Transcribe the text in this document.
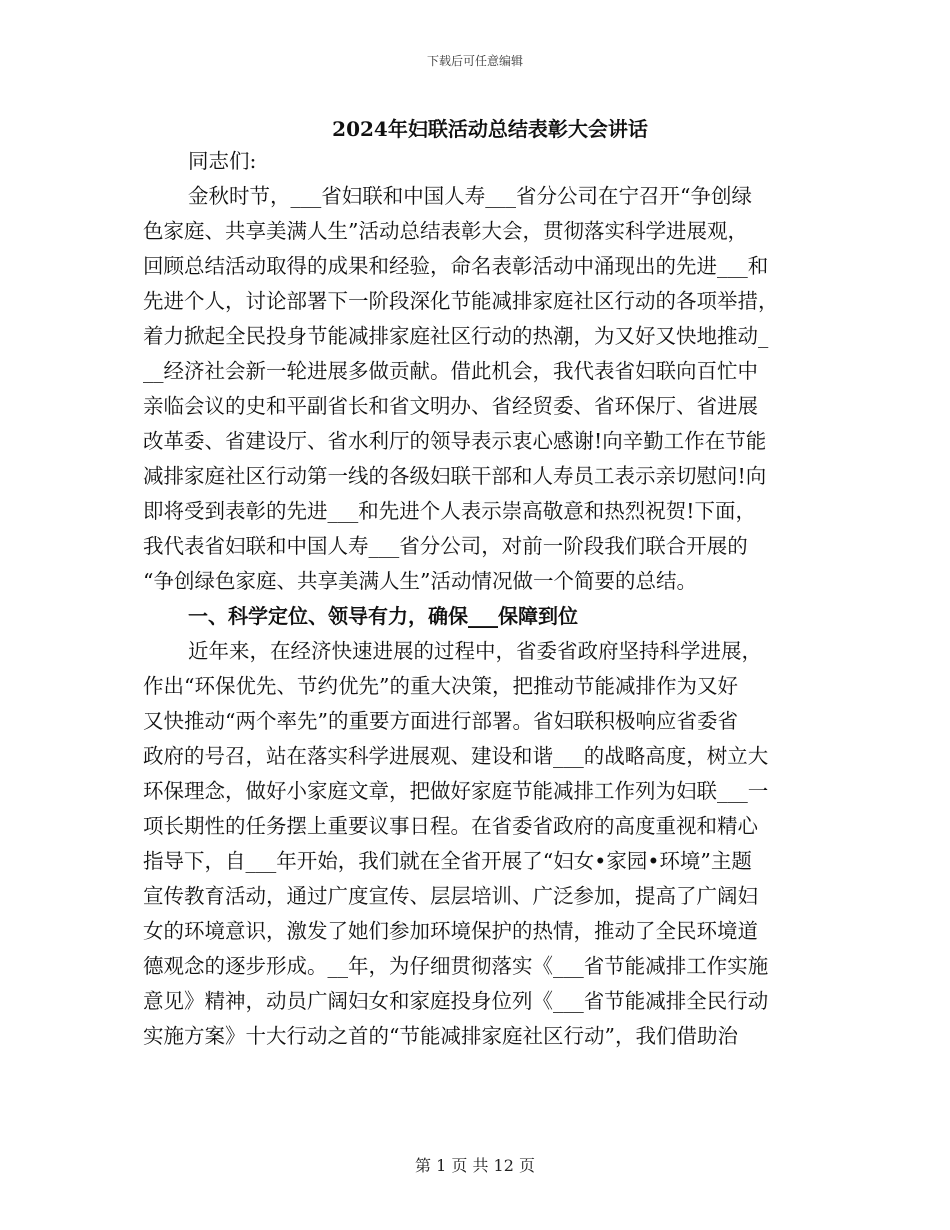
下载后可任意编辑
2024年妇联活动总结表彰大会讲话
同志们:
金秋时节，___省妇联和中国人寿___省分公司在宁召开“争创绿
色家庭、共享美满人生”活动总结表彰大会，贯彻落实科学进展观，
回顾总结活动取得的成果和经验，命名表彰活动中涌现出的先进___和
先进个人，讨论部署下一阶段深化节能减排家庭社区行动的各项举措，
着力掀起全民投身节能减排家庭社区行动的热潮，为又好又快地推动_
__经济社会新一轮进展多做贡献。借此机会，我代表省妇联向百忙中
亲临会议的史和平副省长和省文明办、省经贸委、省环保厅、省进展
改革委、省建设厅、省水利厅的领导表示衷心感谢!向辛勤工作在节能
减排家庭社区行动第一线的各级妇联干部和人寿员工表示亲切慰问!向
即将受到表彰的先进___和先进个人表示崇高敬意和热烈祝贺!下面，
我代表省妇联和中国人寿___省分公司，对前一阶段我们联合开展的
“争创绿色家庭、共享美满人生”活动情况做一个简要的总结。
一、科学定位、领导有力，确保___保障到位
近年来，在经济快速进展的过程中，省委省政府坚持科学进展，
作出“环保优先、节约优先”的重大决策，把推动节能减排作为又好
又快推动“两个率先”的重要方面进行部署。省妇联积极响应省委省
政府的号召，站在落实科学进展观、建设和谐___的战略高度，树立大
环保理念，做好小家庭文章，把做好家庭节能减排工作列为妇联___一
项长期性的任务摆上重要议事日程。在省委省政府的高度重视和精心
指导下，自___年开始，我们就在全省开展了“妇女•家园•环境”主题
宣传教育活动，通过广度宣传、层层培训、广泛参加，提高了广阔妇
女的环境意识，激发了她们参加环境保护的热情，推动了全民环境道
德观念的逐步形成。__年，为仔细贯彻落实《___省节能减排工作实施
意见》精神，动员广阔妇女和家庭投身位列《___省节能减排全民行动
实施方案》十大行动之首的“节能减排家庭社区行动”，我们借助治
第 1 页 共 12 页
